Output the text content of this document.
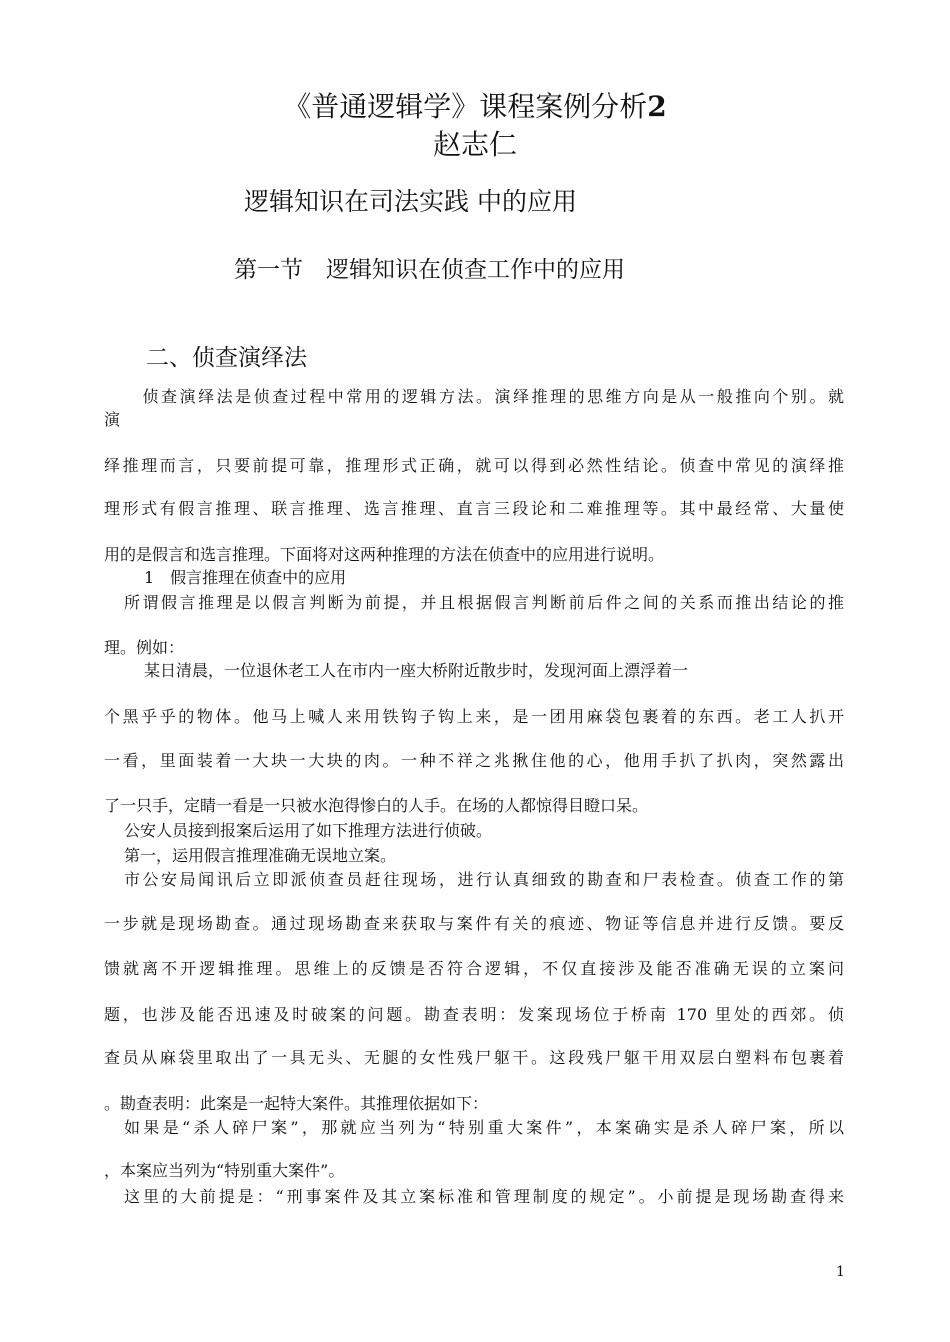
《普通逻辑学》课程案例分析2
赵志仁
逻辑知识在司法实践 中的应用
第一节　逻辑知识在侦查工作中的应用
二、侦查演绎法
　侦查演绎法是侦查过程中常用的逻辑方法。演绎推理的思维方向是从一般推向个别。就
演
绎推理而言，只要前提可靠，推理形式正确，就可以得到必然性结论。侦查中常见的演绎推
理形式有假言推理、联言推理、选言推理、直言三段论和二难推理等。其中最经常、大量使
用的是假言和选言推理。下面将对这两种推理的方法在侦查中的应用进行说明。
1　假言推理在侦查中的应用
所谓假言推理是以假言判断为前提，并且根据假言判断前后件之间的关系而推出结论的推
理。例如：
某日清晨，一位退休老工人在市内一座大桥附近散步时，发现河面上漂浮着一
个黑乎乎的物体。他马上喊人来用铁钩子钩上来，是一团用麻袋包裹着的东西。老工人扒开
一看，里面装着一大块一大块的肉。一种不祥之兆揪住他的心，他用手扒了扒肉，突然露出
了一只手，定睛一看是一只被水泡得惨白的人手。在场的人都惊得目瞪口呆。
公安人员接到报案后运用了如下推理方法进行侦破。
第一，运用假言推理准确无误地立案。
市公安局闻讯后立即派侦查员赶往现场，进行认真细致的勘查和尸表检查。侦查工作的第
一步就是现场勘查。通过现场勘查来获取与案件有关的痕迹、物证等信息并进行反馈。要反
馈就离不开逻辑推理。思维上的反馈是否符合逻辑，不仅直接涉及能否准确无误的立案问
题，也涉及能否迅速及时破案的问题。勘查表明：发案现场位于桥南 170 里处的西郊。侦
查员从麻袋里取出了一具无头、无腿的女性残尸躯干。这段残尸躯干用双层白塑料布包裹着
。勘查表明：此案是一起特大案件。其推理依据如下：
如果是“杀人碎尸案”，那就应当列为“特别重大案件”，本案确实是杀人碎尸案，所以
，本案应当列为“特别重大案件”。
这里的大前提是：“刑事案件及其立案标准和管理制度的规定”。小前提是现场勘查得来
1
